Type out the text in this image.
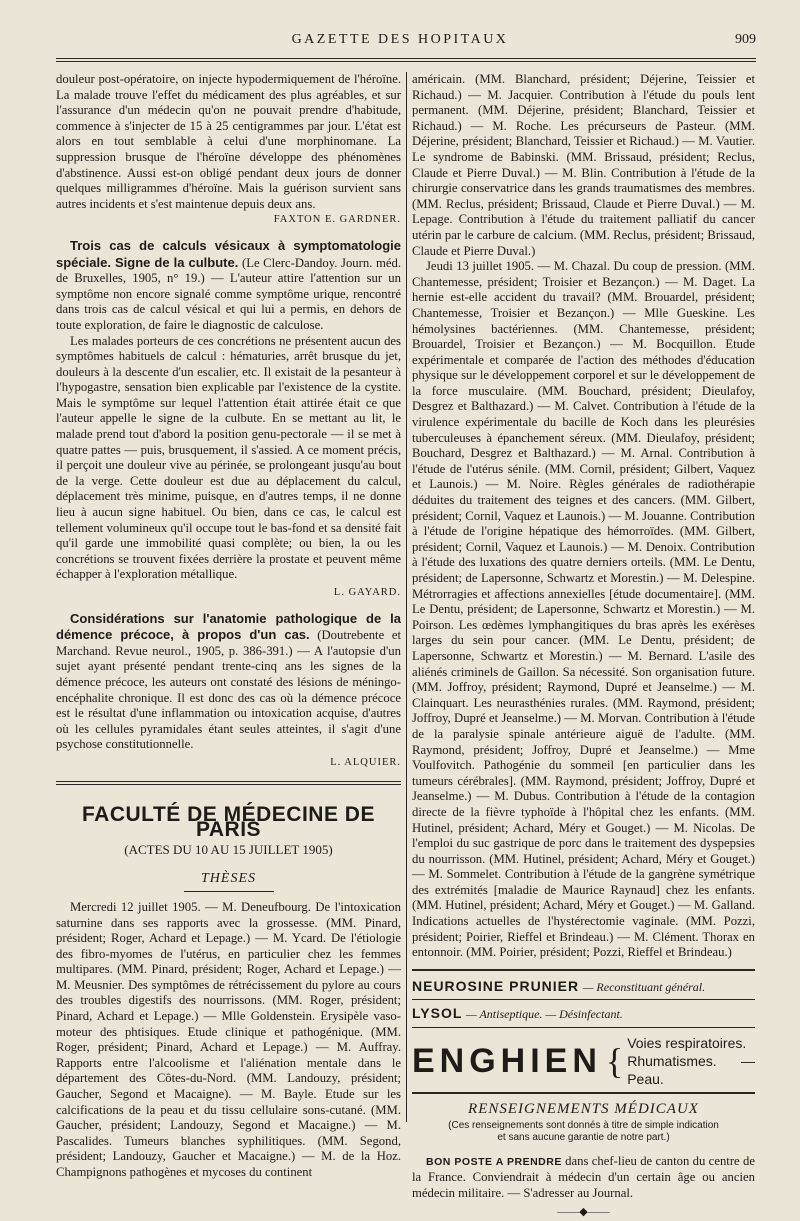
GAZETTE DES HOPITAUX	909

douleur post-opératoire, on injecte hypodermiquement de l'héroïne. La malade trouve l'effet du médicament des plus agréables, et sur l'assurance d'un médecin qu'on ne pouvait prendre d'habitude, commence à s'injecter de 15 à 25 centigrammes par jour. L'état est alors en tout semblable à celui d'une morphinomane. La suppression brusque de l'héroïne développe des phénomènes d'abstinence. Aussi est-on obligé pendant deux jours de donner quelques milligrammes d'héroïne. Mais la guérison survient sans autres incidents et s'est maintenue depuis deux ans.
FAXTON E. GARDNER.

Trois cas de calculs vésicaux à symptomatologie spéciale. Signe de la culbute. (Le Clerc-Dandoy. Journ. méd. de Bruxelles, 1905, n° 19.) — L'auteur attire l'attention sur un symptôme non encore signalé comme symptôme urique, rencontré dans trois cas de calcul vésical et qui lui a permis, en dehors de toute exploration, de faire le diagnostic de calculose.

Les malades porteurs de ces concrétions ne présentent aucun des symptômes habituels de calcul : hématuries, arrêt brusque du jet, douleurs à la descente d'un escalier, etc. Il existait de la pesanteur à l'hypogastre, sensation bien explicable par l'existence de la cystite. Mais le symptôme sur lequel l'attention était attirée était ce que l'auteur appelle le signe de la culbute. En se mettant au lit, le malade prend tout d'abord la position genu-pectorale — il se met à quatre pattes — puis, brusquement, il s'assied. A ce moment précis, il perçoit une douleur vive au périnée, se prolongeant jusqu'au bout de la verge. Cette douleur est due au déplacement du calcul, déplacement très minime, puisque, en d'autres temps, il ne donne lieu à aucun signe habituel. Ou bien, dans ce cas, le calcul est tellement volumineux qu'il occupe tout le bas-fond et sa densité fait qu'il garde une immobilité quasi complète; ou bien, la ou les concrétions se trouvent fixées derrière la prostate et peuvent même échapper à l'exploration métallique.

L. GAYARD.

Considérations sur l'anatomie pathologique de la démence précoce, à propos d'un cas. (Doutrebente et Marchand. Revue neurol., 1905, p. 386-391.) — A l'autopsie d'un sujet ayant présenté pendant trente-cinq ans les signes de la démence précoce, les auteurs ont constaté des lésions de méningo-encéphalite chronique. Il est donc des cas où la démence précoce est le résultat d'une inflammation ou intoxication acquise, d'autres où les cellules pyramidales étant seules atteintes, il s'agit d'une psychose constitutionnelle.

L. ALQUIER.
FACULTÉ DE MÉDECINE DE PARIS
(ACTES DU 10 AU 15 JUILLET 1905)
THÈSES

Mercredi 12 juillet 1905. — M. Deneufbourg. De l'intoxication saturnine dans ses rapports avec la grossesse. (MM. Pinard, président; Roger, Achard et Lepage.) — M. Ycard. De l'étiologie des fibro-myomes de l'utérus, en particulier chez les femmes multipares. (MM. Pinard, président; Roger, Achard et Lepage.) — M. Meusnier. Des symptômes de rétrécissement du pylore au cours des troubles digestifs des nourrissons. (MM. Roger, président; Pinard, Achard et Lepage.) — Mlle Goldenstein. Erysipèle vaso-moteur des phtisiques. Etude clinique et pathogénique. (MM. Roger, président; Pinard, Achard et Lepage.) — M. Auffray. Rapports entre l'alcoolisme et l'aliénation mentale dans le département des Côtes-du-Nord. (MM. Landouzy, président; Gaucher, Segond et Macaigne). — M. Bayle. Etude sur les calcifications de la peau et du tissu cellulaire sons-cutané. (MM. Gaucher, président; Landouzy, Segond et Macaigne.) — M. Pascalides. Tumeurs blanches syphilitiques. (MM. Segond, président; Landouzy, Gaucher et Macaigne.) — M. de la Hoz. Champignons pathogènes et mycoses du continent

américain. (MM. Blanchard, président; Déjerine, Teissier et Richaud.) — M. Jacquier. Contribution à l'étude du pouls lent permanent. (MM. Déjerine, président; Blanchard, Teissier et Richaud.) — M. Roche. Les précurseurs de Pasteur. (MM. Déjerine, président; Blanchard, Teissier et Richaud.) — M. Vautier. Le syndrome de Babinski. (MM. Brissaud, président; Reclus, Claude et Pierre Duval.) — M. Blin. Contribution à l'étude de la chirurgie conservatrice dans les grands traumatismes des membres. (MM. Reclus, président; Brissaud, Claude et Pierre Duval.) — M. Lepage. Contribution à l'étude du traitement palliatif du cancer utérin par le carbure de calcium. (MM. Reclus, président; Brissaud, Claude et Pierre Duval.)

Jeudi 13 juillet 1905. — M. Chazal. Du coup de pression. (MM. Chantemesse, président; Troisier et Bezançon.) — M. Daget. La hernie est-elle accident du travail? (MM. Brouardel, président; Chantemesse, Troisier et Bezançon.) — Mlle Gueskine. Les hémolysines bactériennes. (MM. Chantemesse, président; Brouardel, Troisier et Bezançon.) — M. Bocquillon. Etude expérimentale et comparée de l'action des méthodes d'éducation physique sur le développement corporel et sur le développement de la force musculaire. (MM. Bouchard, président; Dieulafoy, Desgrez et Balthazard.) — M. Calvet. Contribution à l'étude de la virulence expérimentale du bacille de Koch dans les pleurésies tuberculeuses à épanchement séreux. (MM. Dieulafoy, président; Bouchard, Desgrez et Balthazard.) — M. Arnal. Contribution à l'étude de l'utérus sénile. (MM. Cornil, président; Gilbert, Vaquez et Launois.) — M. Noire. Règles générales de radiothérapie déduites du traitement des teignes et des cancers. (MM. Gilbert, président; Cornil, Vaquez et Launois.) — M. Jouanne. Contribution à l'étude de l'origine hépatique des hémorroïdes. (MM. Gilbert, président; Cornil, Vaquez et Launois.) — M. Denoix. Contribution à l'étude des luxations des quatre derniers orteils. (MM. Le Dentu, président; de Lapersonne, Schwartz et Morestin.) — M. Delespine. Métrorragies et affections annexielles [étude documentaire]. (MM. Le Dentu, président; de Lapersonne, Schwartz et Morestin.) — M. Poirson. Les œdèmes lymphangitiques du bras après les exérèses larges du sein pour cancer. (MM. Le Dentu, président; de Lapersonne, Schwartz et Morestin.) — M. Bernard. L'asile des aliénés criminels de Gaillon. Sa nécessité. Son organisation future. (MM. Joffroy, président; Raymond, Dupré et Jeanselme.) — M. Clainquart. Les neurasthénies rurales. (MM. Raymond, président; Joffroy, Dupré et Jeanselme.) — M. Morvan. Contribution à l'étude de la paralysie spinale antérieure aiguë de l'adulte. (MM. Raymond, président; Joffroy, Dupré et Jeanselme.) — Mme Voulfovitch. Pathogénie du sommeil [en particulier dans les tumeurs cérébrales]. (MM. Raymond, président; Joffroy, Dupré et Jeanselme.) — M. Dubus. Contribution à l'étude de la contagion directe de la fièvre typhoïde à l'hôpital chez les enfants. (MM. Hutinel, président; Achard, Méry et Gouget.) — M. Nicolas. De l'emploi du suc gastrique de porc dans le traitement des dyspepsies du nourrisson. (MM. Hutinel, président; Achard, Méry et Gouget.) — M. Sommelet. Contribution à l'étude de la gangrène symétrique des extrémités [maladie de Maurice Raynaud] chez les enfants. (MM. Hutinel, président; Achard, Méry et Gouget.) — M. Galland. Indications actuelles de l'hystérectomie vaginale. (MM. Pozzi, président; Poirier, Rieffel et Brindeau.) — M. Clément. Thorax en entonnoir. (MM. Poirier, président; Pozzi, Rieffel et Brindeau.)

NEUROSINE PRUNIER — Reconstituant général.
LYSOL — Antiseptique. — Désinfectant.
ENGHIEN { Voies respiratoires.
Rhumatismes. — Peau.
RENSEIGNEMENTS MÉDICAUX
(Ces renseignements sont donnés à titre de simple indication
et sans aucune garantie de notre part.)

BON POSTE A PRENDRE dans chef-lieu de canton du centre de la France. Conviendrait à médecin d'un certain âge ou ancien médecin militaire. — S'adresser au Journal.

——◆——
